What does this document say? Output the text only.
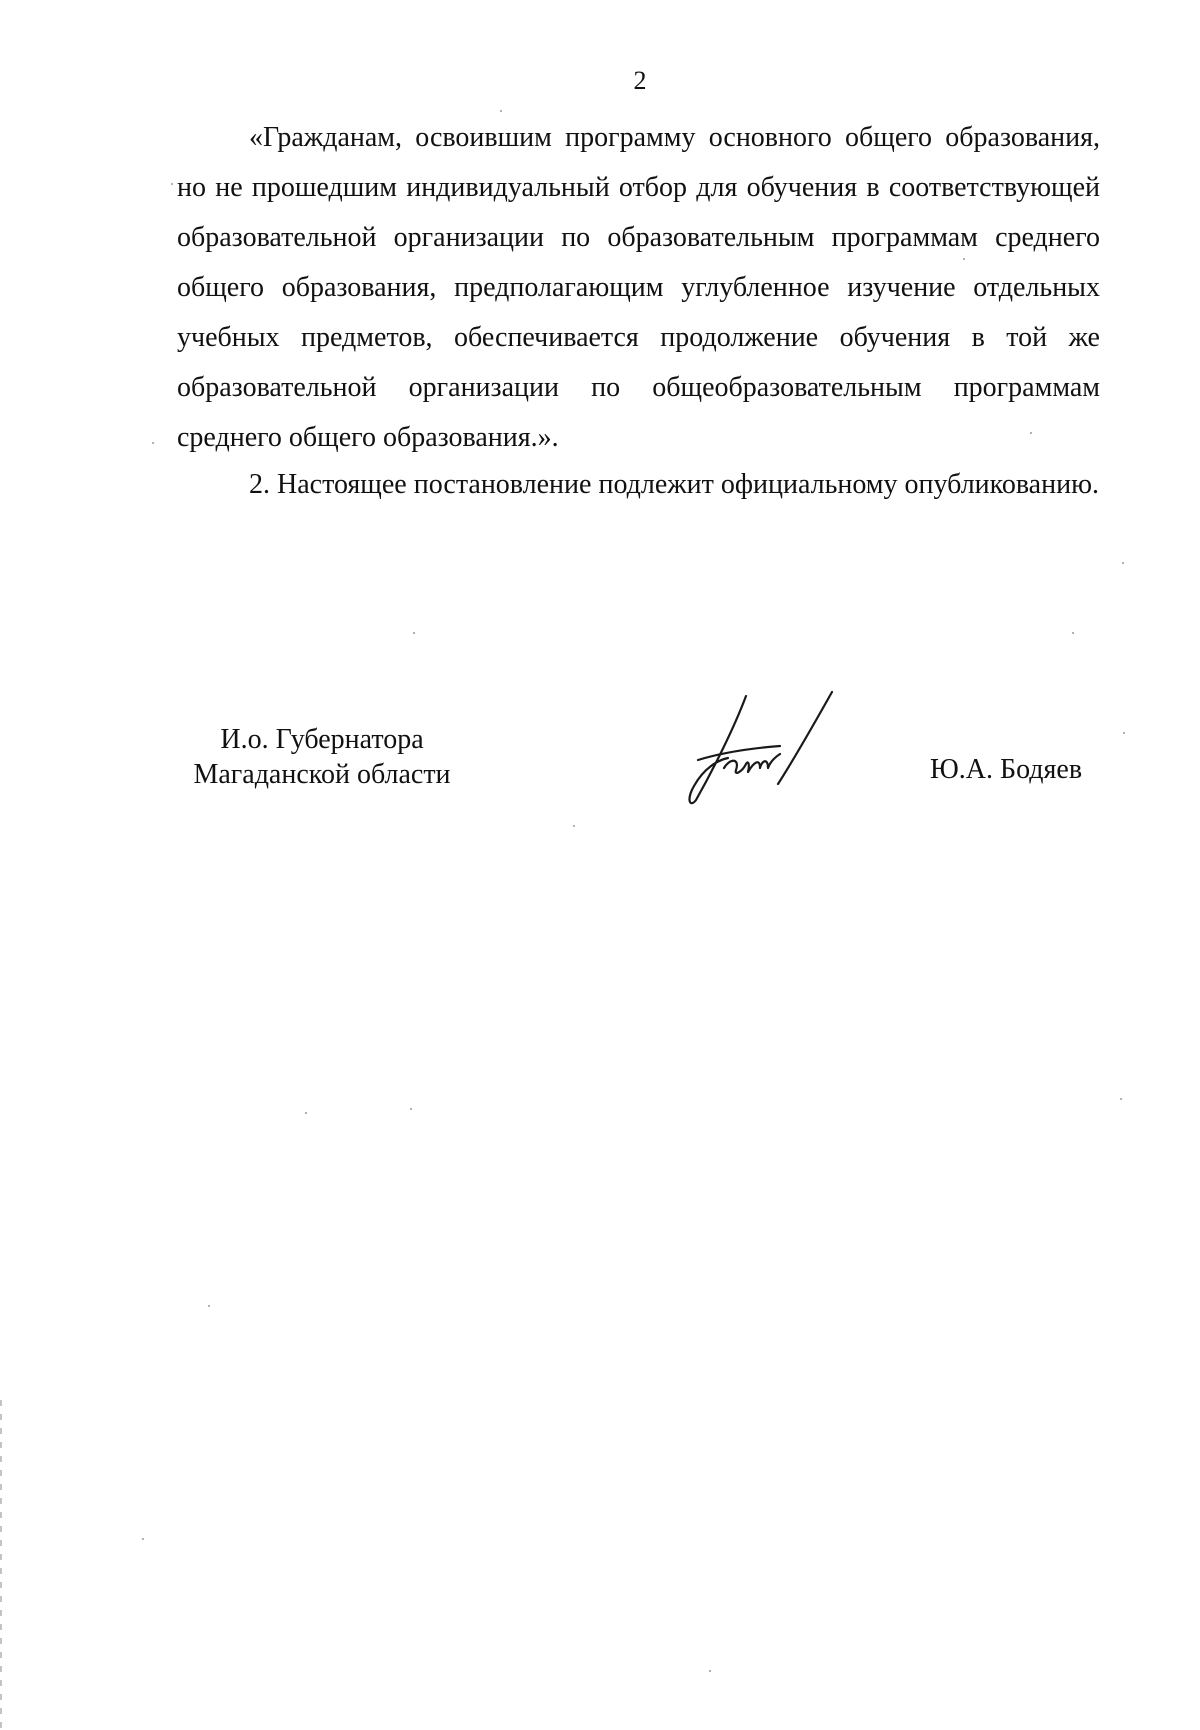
2

«Гражданам, освоившим программу основного общего образования, но не прошедшим индивидуальный отбор для обучения в соответствующей образовательной организации по образовательным программам среднего общего образования, предполагающим углубленное изучение отдельных учебных предметов, обеспечивается продолжение обучения в той же образовательной организации по общеобразовательным программам среднего общего образования.».

2. Настоящее постановление подлежит официальному опубликованию.

И.о. Губернатора
Магаданской области	Ю.А. Бодяев
